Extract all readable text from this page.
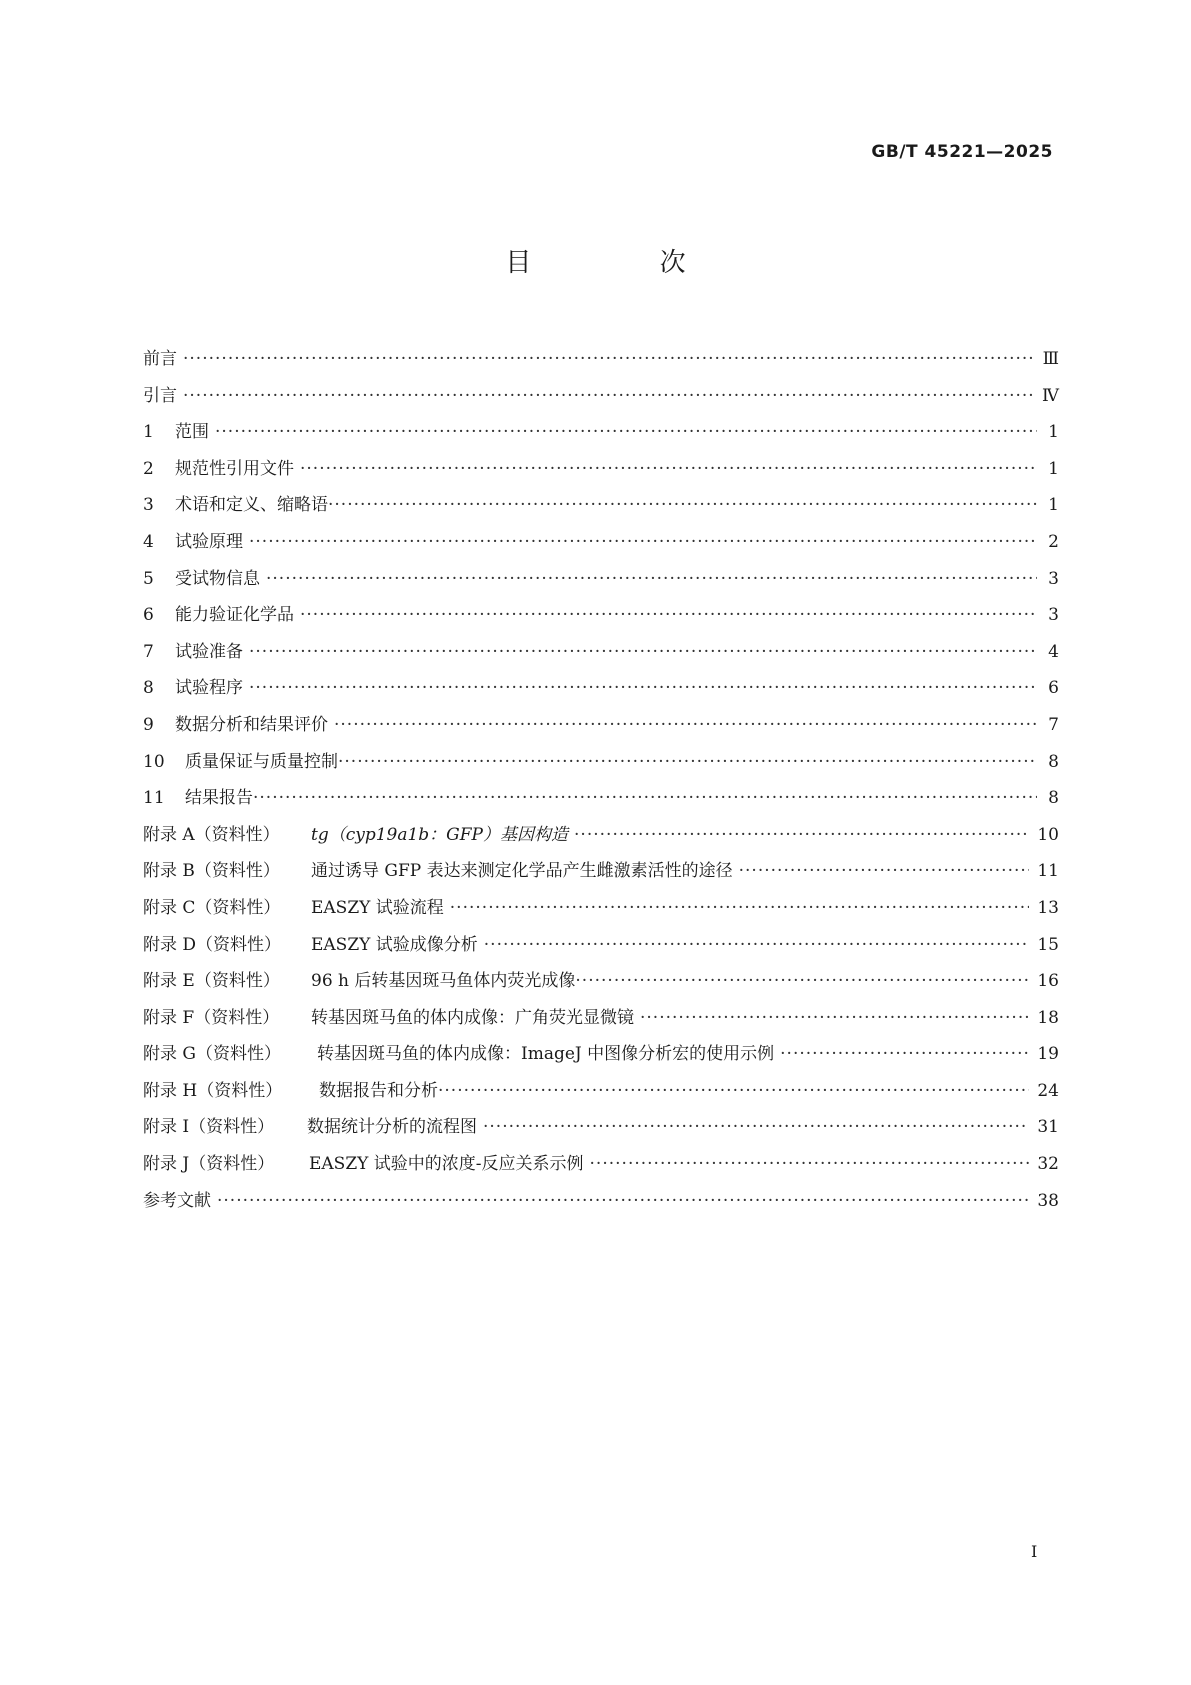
GB/T 45221—2025
目 次
前言 ·····	Ⅲ
引言 ·····	Ⅳ
1	范围 ·····	1
2	规范性引用文件 ·····	1
3	术语和定义、缩略语 ·····	1
4	试验原理 ·····	2
5	受试物信息 ·····	3
6	能力验证化学品 ·····	3
7	试验准备 ·····	4
8	试验程序 ·····	6
9	数据分析和结果评价 ·····	7
10	质量保证与质量控制 ·····	8
11	结果报告 ·····	8
附录 A（资料性）	tg（cyp19a1b：GFP）基因构造 ·····	10
附录 B（资料性）	通过诱导 GFP 表达来测定化学品产生雌激素活性的途径 ·····	11
附录 C（资料性）	EASZY 试验流程 ·····	13
附录 D（资料性）	EASZY 试验成像分析 ·····	15
附录 E（资料性）	96 h 后转基因斑马鱼体内荧光成像 ·····	16
附录 F（资料性）	转基因斑马鱼的体内成像：广角荧光显微镜 ·····	18
附录 G（资料性）	转基因斑马鱼的体内成像：ImageJ 中图像分析宏的使用示例 ·····	19
附录 H（资料性）	数据报告和分析 ·····	24
附录 I（资料性）	数据统计分析的流程图 ·····	31
附录 J（资料性）	EASZY 试验中的浓度-反应关系示例 ·····	32
参考文献 ·····	38
I
